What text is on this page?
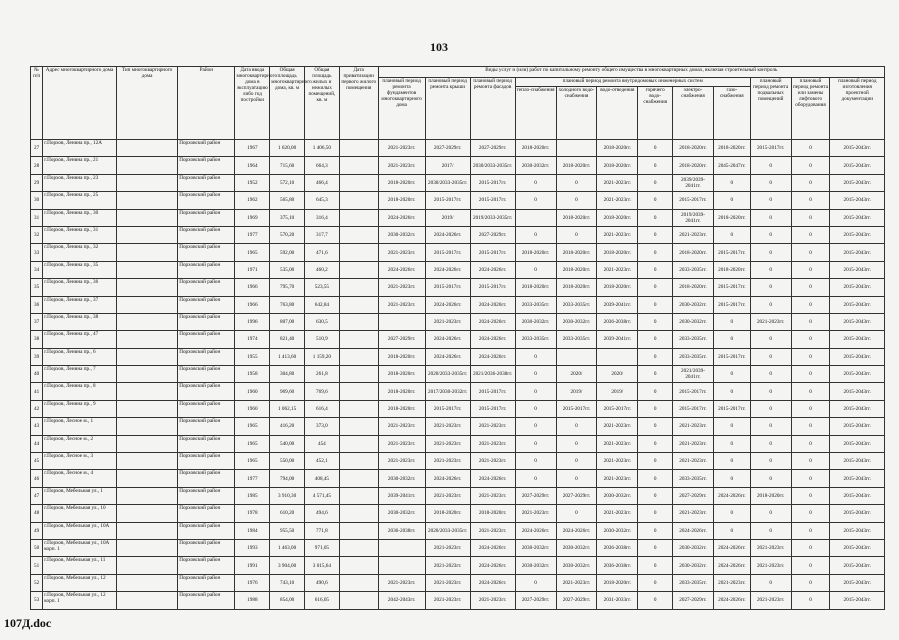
103
№ п/п	Адрес многоквартирного дома	Тип многоквартирного дома	Район	Дата ввода многоквартирного дома в эксплуатацию либо год постройки	Общая площадь многоквартирного дома, кв. м	Общая площадь жилых и нежилых помещений, кв. м	Дата приватизации первого жилого помещения	Виды услуг и (или) работ по капитальному ремонту общего имущества в многоквартирных домах, включая строительный контроль											
								плановый период ремонта фундаментов многоквартирного дома	плановый период ремонта крыши	плановый период ремонта фасадов	плановый период ремонта внутридомовых инженерных систем						плановый период ремонта подвальных помещений	плановый период ремонта или замены лифтового оборудования	плановый период изготовления проектной документации
											тепло-снабжения	холодного водо-снабжения	водо-отведения	горячего водо-снабжения	электро-снабжения	газо-снабжения			
27	г.Порхов, Ленина пр., 12А		Порховский район	1967	1 620,00	1 406,50		2021-2023гг.	2027-2029гг.	2027-2029гг.	2018-2020гг.		2018-2020гг.	0	2018-2020гг.	2018-2020гг.	2015-2017гг.	0	2015-2043гг.
28	г.Порхов, Ленина пр., 21		Порховский район	1964	715,60	664,3		2021-2023гг.	2017/	2030/2033-2035гг.	2030-2032гг.	2018-2020гг.	2018-2020гг.	0	2018-2020гг.	2045-2047гг.	0	0	2015-2043гг.
29	г.Порхов, Ленина пр., 23		Порховский район	1952	572,10	466,4		2018-2020гг.	2030/2033-2035гг.	2015-2017гг.	0	0	2021-2023гг.	0	2039/2039-2041гг.	0	0	0	2015-2043гг.
30	г.Порхов, Ленина пр., 25		Порховский район	1962	565,80	645,3		2018-2020гг.	2015-2017гг.	2015-2017гг.	0	0	2021-2023гг.	0	2015-2017гг.	0	0	0	2015-2043гг.
31	г.Порхов, Ленина пр., 30		Порховский район	1969	375,10	316,4		2024-2026гг.	2019/	2019/2033-2035гг.		2018-2020гг.	2018-2020гг.	0	2019/2039-2041гг.	2018-2020гг.	0	0	2015-2043гг.
32	г.Порхов, Ленина пр., 31		Порховский район	1977	570,20	317,7		2030-2032гг.	2024-2026гг.	2027-2029гг.	0	0	2021-2023гг.	0	2021-2023гг.	0	0	0	2015-2043гг.
33	г.Порхов, Ленина пр., 32		Порховский район	1965	592,00	471,6		2021-2023гг.	2015-2017гг.	2015-2017гг.	2018-2020гг.	2018-2020гг.	2018-2020гг.	0	2018-2020гг.	2015-2017гг.	0	0	2015-2043гг.
34	г.Порхов, Ленина пр., 35		Порховский район	1971	535,00	460,2		2024-2026гг.	2024-2026гг.	2024-2026гг.	0	2018-2020гг.	2021-2023гг.	0	2033-2035гг.	2018-2020гг.	0	0	2015-2043гг.
35	г.Порхов, Ленина пр., 36		Порховский район	1966	795,70	523,55		2021-2023гг.	2015-2017гг.	2015-2017гг.	2018-2020гг.	2018-2020гг.	2018-2020гг.	0	2018-2020гг.	2015-2017гг.	0	0	2015-2043гг.
36	г.Порхов, Ленина пр., 37		Порховский район	1966	763,80	642,84		2021-2023гг.	2024-2026гг.	2024-2026гг.	2033-2035гг.	2033-2035гг.	2039-2041гг.	0	2030-2032гг.	2015-2017гг.	0	0	2015-2043гг.
37	г.Порхов, Ленина пр., 38		Порховский район	1996	807,00	630,5			2021-2023гг.	2024-2026гг.	2030-2032гг.	2030-2032гг.	2036-2038гг.	0	2030-2032гг.	0	2021-2023гг.	0	2015-2043гг.
38	г.Порхов, Ленина пр., 47		Порховский район	1974	821,40	510,9		2027-2029гг.	2024-2026гг.	2024-2026гг.	2033-2035гг.	2033-2035гг.	2039-2041гг.	0	2033-2035гг.	0	0	0	2015-2043гг.
39	г.Порхов, Ленина пр., 6		Порховский район	1955	1 413,60	1 159,20		2018-2020гг.	2024-2026гг.	2024-2026гг.	0			0	2033-2035гг.	2015-2017гг.	0	0	2015-2043гг.
40	г.Порхов, Ленина пр., 7		Порховский район	1958	304,80	261,8		2018-2020гг.	2020/2033-2035гг.	2021/2036-2038гг.	0	2020/	2020/	0	2021/2039-2041гг.	0	0	0	2015-2043гг.
41	г.Порхов, Ленина пр., 8		Порховский район	1960	969,60	769,6		2018-2020гг.	2017/2030-2032гг.	2015-2017гг.	0	2019/	2019/	0	2015-2017гг.	0	0	0	2015-2043гг.
42	г.Порхов, Ленина пр., 9		Порховский район	1960	1 062,15	616,4		2018-2020гг.	2015-2017гг.	2015-2017гг.	0	2015-2017гг.	2015-2017гг.	0	2015-2017гг.	2015-2017гг.	0	0	2015-2043гг.
43	г.Порхов, Лесное м., 1		Порховский район	1965	416,20	373,0		2021-2023гг.	2021-2023гг.	2021-2023гг.	0	0	2021-2023гг.	0	2021-2023гг.	0	0	0	2015-2043гг.
44	г.Порхов, Лесное м., 2		Порховский район	1965	540,00	454		2021-2023гг.	2021-2023гг.	2021-2023гг.	0	0	2021-2023гг.	0	2021-2023гг.	0	0	0	2015-2043гг.
45	г.Порхов, Лесное м., 3		Порховский район	1965	550,00	452,1		2021-2023гг.	2021-2023гг.	2021-2023гг.	0	0	2021-2023гг.	0	2021-2023гг.	0	0	0	2015-2043гг.
46	г.Порхов, Лесное м., 4		Порховский район	1977	794,00	408,45		2030-2032гг.	2024-2026гг.	2024-2026гг.	0	0	2021-2023гг.	0	2033-2035гг.	0	0	0	2015-2043гг.
47	г.Порхов, Мебельная ул., 1		Порховский район	1985	3 910,30	4 571,45		2039-2041гг.	2021-2023гг.	2021-2023гг.	2027-2029гг.	2027-2029гг.	2030-2032гг.	0	2027-2029гг.	2024-2026гг.	2018-2020гг.	0	2015-2043гг.
48	г.Порхов, Мебельная ул., 10		Порховский район	1978	610,20	494,6		2030-2032гг.	2018-2020гг.	2018-2020гг.	2021-2023гг.	0	2021-2023гг.	0	2021-2023гг.	0	0	0	2015-2043гг.
49	г.Порхов, Мебельная ул., 10А		Порховский район	1984	955,50	771,8		2036-2038гг.	2020/2033-2035гг.	2021-2023гг.	2024-2026гг.	2024-2026гг.	2030-2032гг.	0	2024-2026гг.	0	0	0	2015-2043гг.
50	г.Порхов, Мебельная ул., 10А корп. 1		Порховский район	1993	1 463,00	971,05			2021-2023гг.	2024-2026гг.	2030-2032гг.	2030-2032гг.	2036-2038гг.	0	2030-2032гг.	2024-2026гг.	2021-2023гг.	0	2015-2043гг.
51	г.Порхов, Мебельная ул., 11		Порховский район	1991	3 904,00	3 015,64			2021-2023гг.	2024-2026гг.	2030-2032гг.	2030-2032гг.	2036-2038гг.	0	2030-2032гг.	2024-2026гг.	2021-2023гг.	0	2015-2043гг.
52	г.Порхов, Мебельная ул., 12		Порховский район	1976	743,10	490,6		2021-2023гг.	2021-2023гг.	2024-2026гг.	0	2021-2023гг.	2018-2020гг.	0	2033-2035гг.	2021-2023гг.	0	0	2015-2043гг.
53	г.Порхов, Мебельная ул., 12 корп. 1		Порховский район	1988	854,00	616,05		2042-2043гг.	2021-2023гг.	2021-2023гг.	2027-2029гг.	2027-2029гг.	2031-2033гг.	0	2027-2029гг.	2024-2026гг.	2021-2023гг.	0	2015-2043гг.
107Д.doc
